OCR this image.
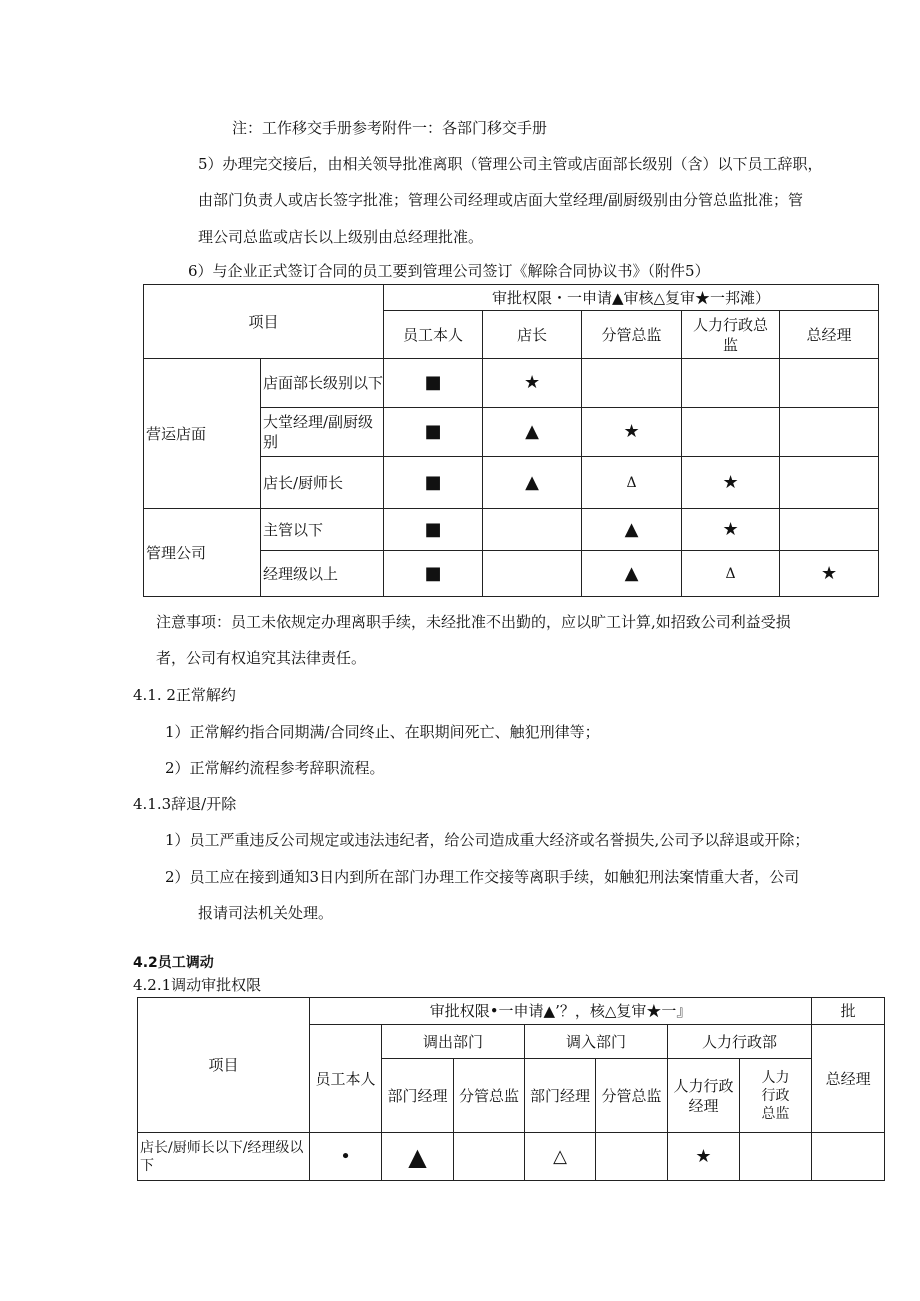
注：工作移交手册参考附件一：各部门移交手册
5）办理完交接后，由相关领导批准离职（管理公司主管或店面部长级别（含）以下员工辞职，
由部门负责人或店长签字批准；管理公司经理或店面大堂经理/副厨级别由分管总监批准；管
理公司总监或店长以上级别由总经理批准。
6）与企业正式签订合同的员工要到管理公司签订《解除合同协议书》（附件5）
项目		审批权限・一申请▲审核△复审★一邦滩）				
		员工本人	店长	分管总监	人力行政总监	总经理
营运店面	店面部长级别以下	■	★			
	大堂经理/副厨级别	■	▲	★		
	店长/厨师长	■	▲	Δ	★	
管理公司	主管以下	■		▲	★	
	经理级以上	■		▲	Δ	★
注意事项：员工未依规定办理离职手续，未经批准不出勤的，应以旷工计算,如招致公司利益受损
者，公司有权追究其法律责任。
4.1. 2正常解约
1）正常解约指合同期满/合同终止、在职期间死亡、触犯刑律等；
2）正常解约流程参考辞职流程。
4.1.3辞退/开除
1）员工严重违反公司规定或违法违纪者，给公司造成重大经济或名誉损失,公司予以辞退或开除；
2）员工应在接到通知3日内到所在部门办理工作交接等离职手续，如触犯刑法案情重大者，公司
报请司法机关处理。
4.2员工调动
4.2.1调动审批权限
项目	审批权限•一申请▲’？，核△复审★一』							批
	员工本人	调出部门		调入部门		人力行政部		总经理
		部门经理	分管总监	部门经理	分管总监	人力行政经理	人力行政总监	

店长/厨师长以下/经理级以下	•	▲		△		★		
